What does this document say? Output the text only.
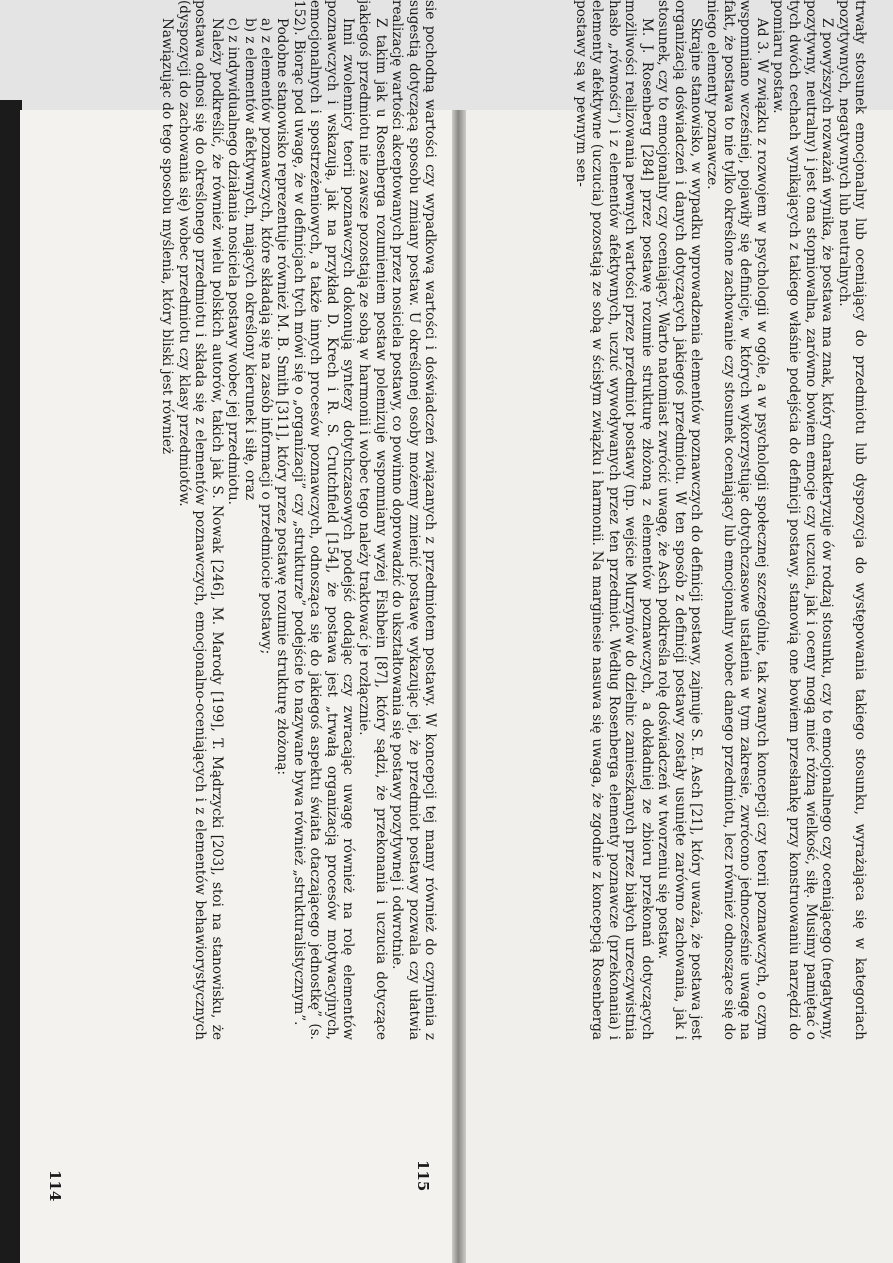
trwały stosunek emocjonalny lub oceniający do przedmiotu lub dyspozycja do występowania takiego stosunku, wyrażająca się w kategoriach pozytywnych, negatywnych lub neutralnych.

Z powyższych rozważań wynika, że postawa ma znak, który charakteryzuje ów rodzaj stosunku, czy to emocjonalnego czy oceniającego (negatywny, pozytywny, neutralny) i jest ona stopniowalna, zarówno bowiem emocje czy uczucia, jak i oceny mogą mieć różną wielkość, siłę. Musimy pamiętać o tych dwóch cechach wynikających z takiego właśnie podejścia do definicji postawy, stanowią one bowiem przesłankę przy konstruowaniu narzędzi do pomiaru postaw.

Ad 3. W związku z rozwojem w psychologii w ogóle, a w psychologii społecznej szczególnie, tak zwanych koncepcji czy teorii poznawczych, o czym wspomniano wcześniej, pojawiły się definicje, w których wykorzystując dotychczasowe ustalenia w tym zakresie, zwrócono jednocześnie uwagę na fakt, że postawa to nie tylko określone zachowanie czy stosunek oceniający lub emocjonalny wobec danego przedmiotu, lecz również odnoszące się do niego elementy poznawcze.

Skrajne stanowisko, w wypadku wprowadzenia elementów poznawczych do definicji postawy, zajmuje S. E. Asch [21], który uważa, że postawa jest organizacją doświadczeń i danych dotyczących jakiegoś przedmiotu. W ten sposób z definicji postawy zostały usunięte zarówno zachowania, jak i stosunek, czy to emocjonalny czy oceniający. Warto natomiast zwrócić uwagę, że Asch podkreśla rolę doświadczeń w tworzeniu się postaw.

M. J. Rosenberg [284] przez postawę rozumie strukturę złożoną z elementów poznawczych, a dokładniej ze zbioru przekonań dotyczących możliwości realizowania pewnych wartości przez przedmiot postawy (np. wejście Murzynów do dzielnic zamieszkanych przez białych urzeczywistnia hasło „równości”) i z elementów afektywnych, uczuć wywoływanych przez ten przedmiot. Według Rosenberga elementy poznawcze (przekonania) i elementy afektywne (uczucia) pozostają ze sobą w ścisłym związku i harmonii. Na marginesie nasuwa się uwaga, że zgodnie z koncepcją Rosenberga postawy są w pewnym sen-

114

sie pochodną wartości czy wypadkową wartości i doświadczeń związanych z przedmiotem postawy. W koncepcji tej mamy również do czynienia z sugestią dotyczącą sposobu zmiany postaw. U określonej osoby możemy zmienić postawę wykazując jej, że przedmiot postawy pozwala czy ułatwia realizację wartości akceptowanych przez nosiciela postawy, co powinno doprowadzić do ukształtowania się postawy pozytywnej i odwrotnie.

Z takim jak u Rosenberga rozumieniem postaw polemizuje wspomniany wyżej Fishbein [87], który sądzi, że przekonania i uczucia dotyczące jakiegoś przedmiotu nie zawsze pozostają ze sobą w harmonii i wobec tego należy traktować je rozłącznie.

Inni zwolennicy teorii poznawczych dokonują syntezy dotychczasowych podejść dodając czy zwracając uwagę również na rolę elementów poznawczych i wskazują, jak na przykład D. Krech i R. S. Crutchfield [154], że postawa jest „trwałą organizacją procesów motywacyjnych, emocjonalnych i spostrzeżeniowych, a także innych procesów poznawczych, odnosząca się do jakiegoś aspektu świata otaczającego jednostkę” (s. 152). Biorąc pod uwagę, że w definicjach tych mówi się o „organizacji” czy „strukturze” podejście to nazywane bywa również „strukturalistycznym”.

Podobne stanowisko reprezentuje również M. B. Smith [311], który przez postawę rozumie strukturę złożoną:

a) z elementów poznawczych, które składają się na zasób informacji o przedmiocie postawy;

b) z elementów afektywnych, mających określony kierunek i siłę, oraz

c) z indywidualnego działania nosiciela postawy wobec jej przedmiotu.

Należy podkreślić, że również wielu polskich autorów, takich jak S. Nowak [246], M. Marody [199], T. Mądrzycki [203], stoi na stanowisku, że postawa odnosi się do określonego przedmiotu i składa się z elementów poznawczych, emocjonalno-oceniających i z elementów behawiorystycznych (dyspozycji do zachowania się) wobec przedmiotu czy klasy przedmiotów.

Nawiązując do tego sposobu myślenia, który bliski jest również

115
